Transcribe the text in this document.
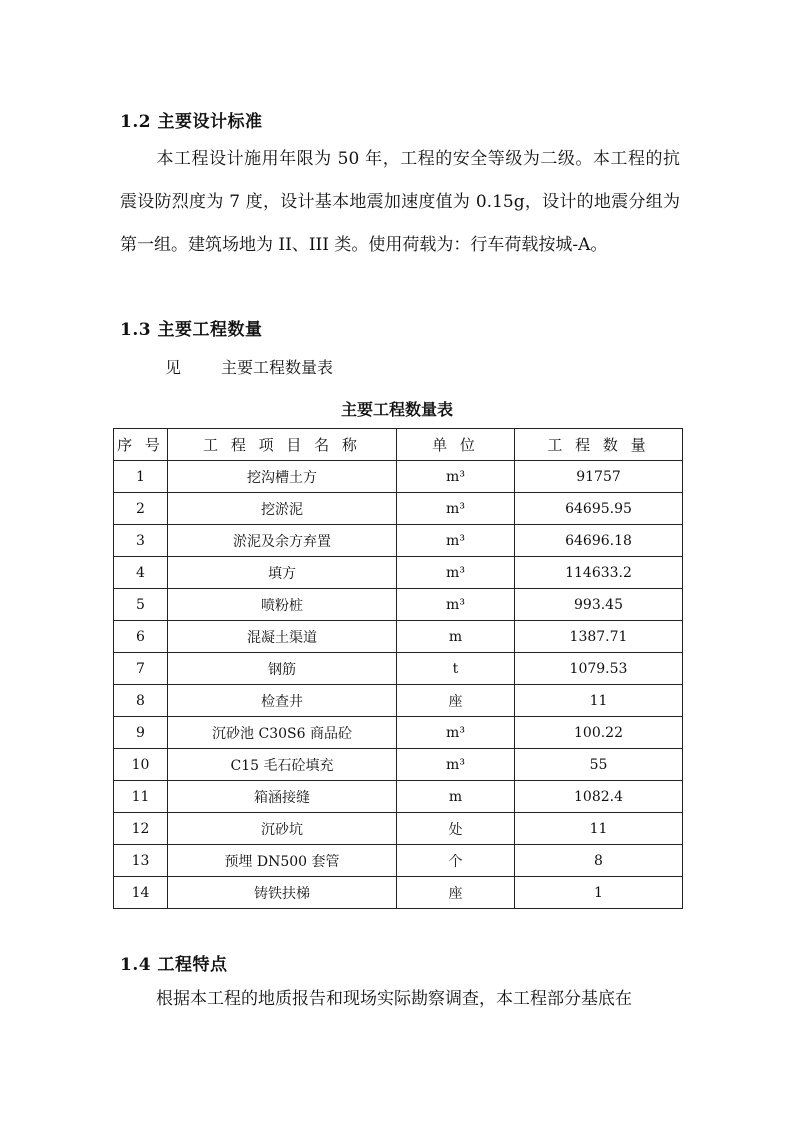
1.2 主要设计标准
本工程设计施用年限为 50 年，工程的安全等级为二级。本工程的抗震设防烈度为 7 度，设计基本地震加速度值为 0.15g，设计的地震分组为第一组。建筑场地为 II、III 类。使用荷载为：行车荷载按城-A。
1.3 主要工程数量
见	主要工程数量表
主要工程数量表
序 号	工 程 项 目 名 称	单 位	工 程 数 量
1	挖沟槽土方	m³	91757
2	挖淤泥	m³	64695.95
3	淤泥及余方弃置	m³	64696.18
4	填方	m³	114633.2
5	喷粉桩	m³	993.45
6	混凝土渠道	m	1387.71
7	钢筋	t	1079.53
8	检查井	座	11
9	沉砂池 C30S6 商品砼	m³	100.22
10	C15 毛石砼填充	m³	55
11	箱涵接缝	m	1082.4
12	沉砂坑	处	11
13	预埋 DN500 套管	个	8
14	铸铁扶梯	座	1
1.4 工程特点
根据本工程的地质报告和现场实际勘察调查，本工程部分基底在
